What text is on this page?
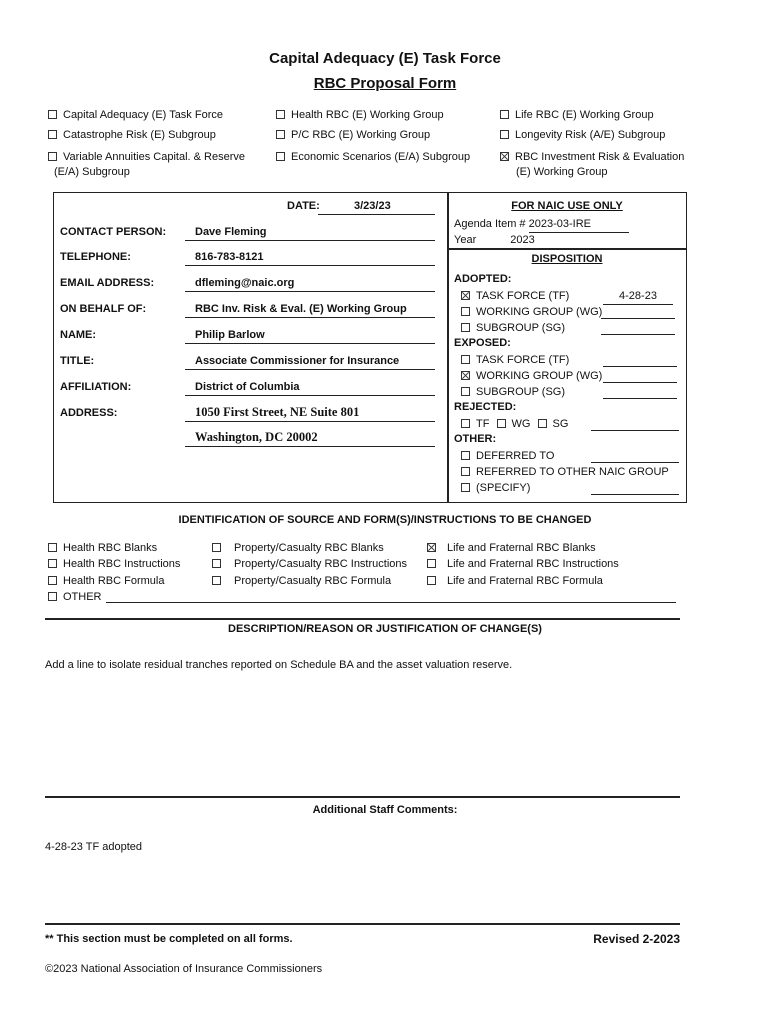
Capital Adequacy (E) Task Force
RBC Proposal Form
Capital Adequacy (E) Task Force	Health RBC (E) Working Group	Life RBC (E) Working Group
Catastrophe Risk (E) Subgroup	P/C RBC (E) Working Group	Longevity Risk (A/E) Subgroup
Variable Annuities Capital. & Reserve
(E/A) Subgroup
Economic Scenarios (E/A) Subgroup	RBC Investment Risk & Evaluation
(E) Working Group
DATE:	3/23/23
CONTACT PERSON:	Dave Fleming
TELEPHONE:	816-783-8121
EMAIL ADDRESS:	dfleming@naic.org
ON BEHALF OF:	RBC Inv. Risk & Eval. (E) Working Group
NAME:	Philip Barlow
TITLE:	Associate Commissioner for Insurance
AFFILIATION:	District of Columbia
ADDRESS:	1050 First Street, NE Suite 801
Washington, DC 20002
FOR NAIC USE ONLY
Agenda Item # 2023-03-IRE
Year	2023
DISPOSITION
ADOPTED:
TASK FORCE (TF)	4-28-23
WORKING GROUP (WG)
SUBGROUP (SG)
EXPOSED:
TASK FORCE (TF)
WORKING GROUP (WG)
SUBGROUP (SG)
REJECTED:
TF WG SG
OTHER:
DEFERRED TO
REFERRED TO OTHER NAIC GROUP
(SPECIFY)
IDENTIFICATION OF SOURCE AND FORM(S)/INSTRUCTIONS TO BE CHANGED
Health RBC Blanks	Property/Casualty RBC Blanks	Life and Fraternal RBC Blanks
Health RBC Instructions	Property/Casualty RBC Instructions	Life and Fraternal RBC Instructions
Health RBC Formula	Property/Casualty RBC Formula	Life and Fraternal RBC Formula
OTHER
DESCRIPTION/REASON OR JUSTIFICATION OF CHANGE(S)
Add a line to isolate residual tranches reported on Schedule BA and the asset valuation reserve.
Additional Staff Comments:
4-28-23 TF adopted
** This section must be completed on all forms.	Revised 2-2023
©2023 National Association of Insurance Commissioners
